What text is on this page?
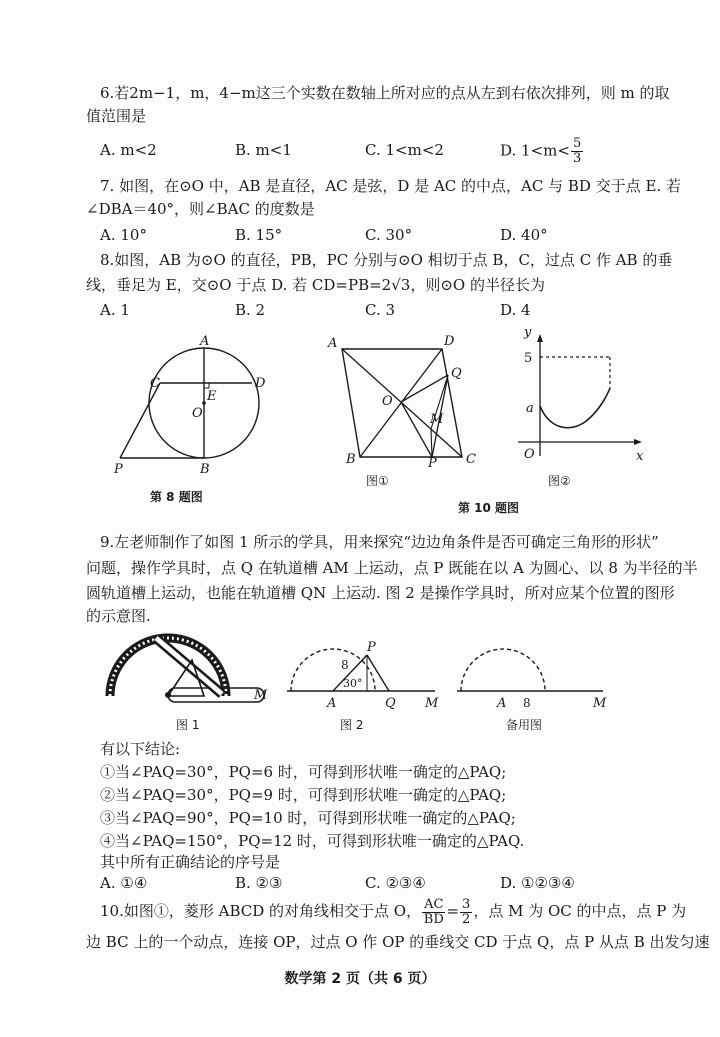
6.若2m−1，m，4−m这三个实数在数轴上所对应的点从左到右依次排列，则 m 的取
值范围是
A. m<2	B. m<1	C. 1<m<2	D. $1<m< \frac{5}{3}$
7. 如图，在⊙O 中，AB 是直径，AC 是弦，D 是 AC 的中点，AC 与 BD 交于点 E. 若
∠DBA＝40°，则∠BAC 的度数是
A. 10°	B. 15°	C. 30°	D. 40°
8.如图，AB 为⊙O 的直径，PB，PC 分别与⊙O 相切于点 B，C，过点 C 作 AB 的垂
线，垂足为 E，交⊙O 于点 D. 若 CD=PB=2√3，则⊙O 的半径长为
A. 1	B. 2	C. 3	D. 4
A
C	D
E
O
P	B
第 8 题图
A	D
Q
O
M
B	P C
图①
y
5
a
O	x
图②
第 10 题图
9.左老师制作了如图 1 所示的学具，用来探究“边边角条件是否可确定三角形的形状”
问题，操作学具时，点 Q 在轨道槽 AM 上运动，点 P 既能在以 A 为圆心、以 8 为半径的半
圆轨道槽上运动，也能在轨道槽 QN 上运动. 图 2 是操作学具时，所对应某个位置的图形
的示意图.
M
图 1
P
8
30°
A	Q M
图 2
A 8	M
备用图
有以下结论:
①当∠PAQ=30°，PQ=6 时，可得到形状唯一确定的△PAQ;
②当∠PAQ=30°，PQ=9 时，可得到形状唯一确定的△PAQ;
③当∠PAQ=90°，PQ=10 时，可得到形状唯一确定的△PAQ;
④当∠PAQ=150°，PQ=12 时，可得到形状唯一确定的△PAQ.
其中所有正确结论的序号是
A. ①④	B. ②③	C. ②③④	D. ①②③④
10.如图①，菱形 ABCD 的对角线相交于点 O， $\frac{AC}{BD} = \frac{3}{2}$ ，点 M 为 OC 的中点，点 P 为
边 BC 上的一个动点，连接 OP，过点 O 作 OP 的垂线交 CD 于点 Q，点 P 从点 B 出发匀速
数学第 2 页（共 6 页）
